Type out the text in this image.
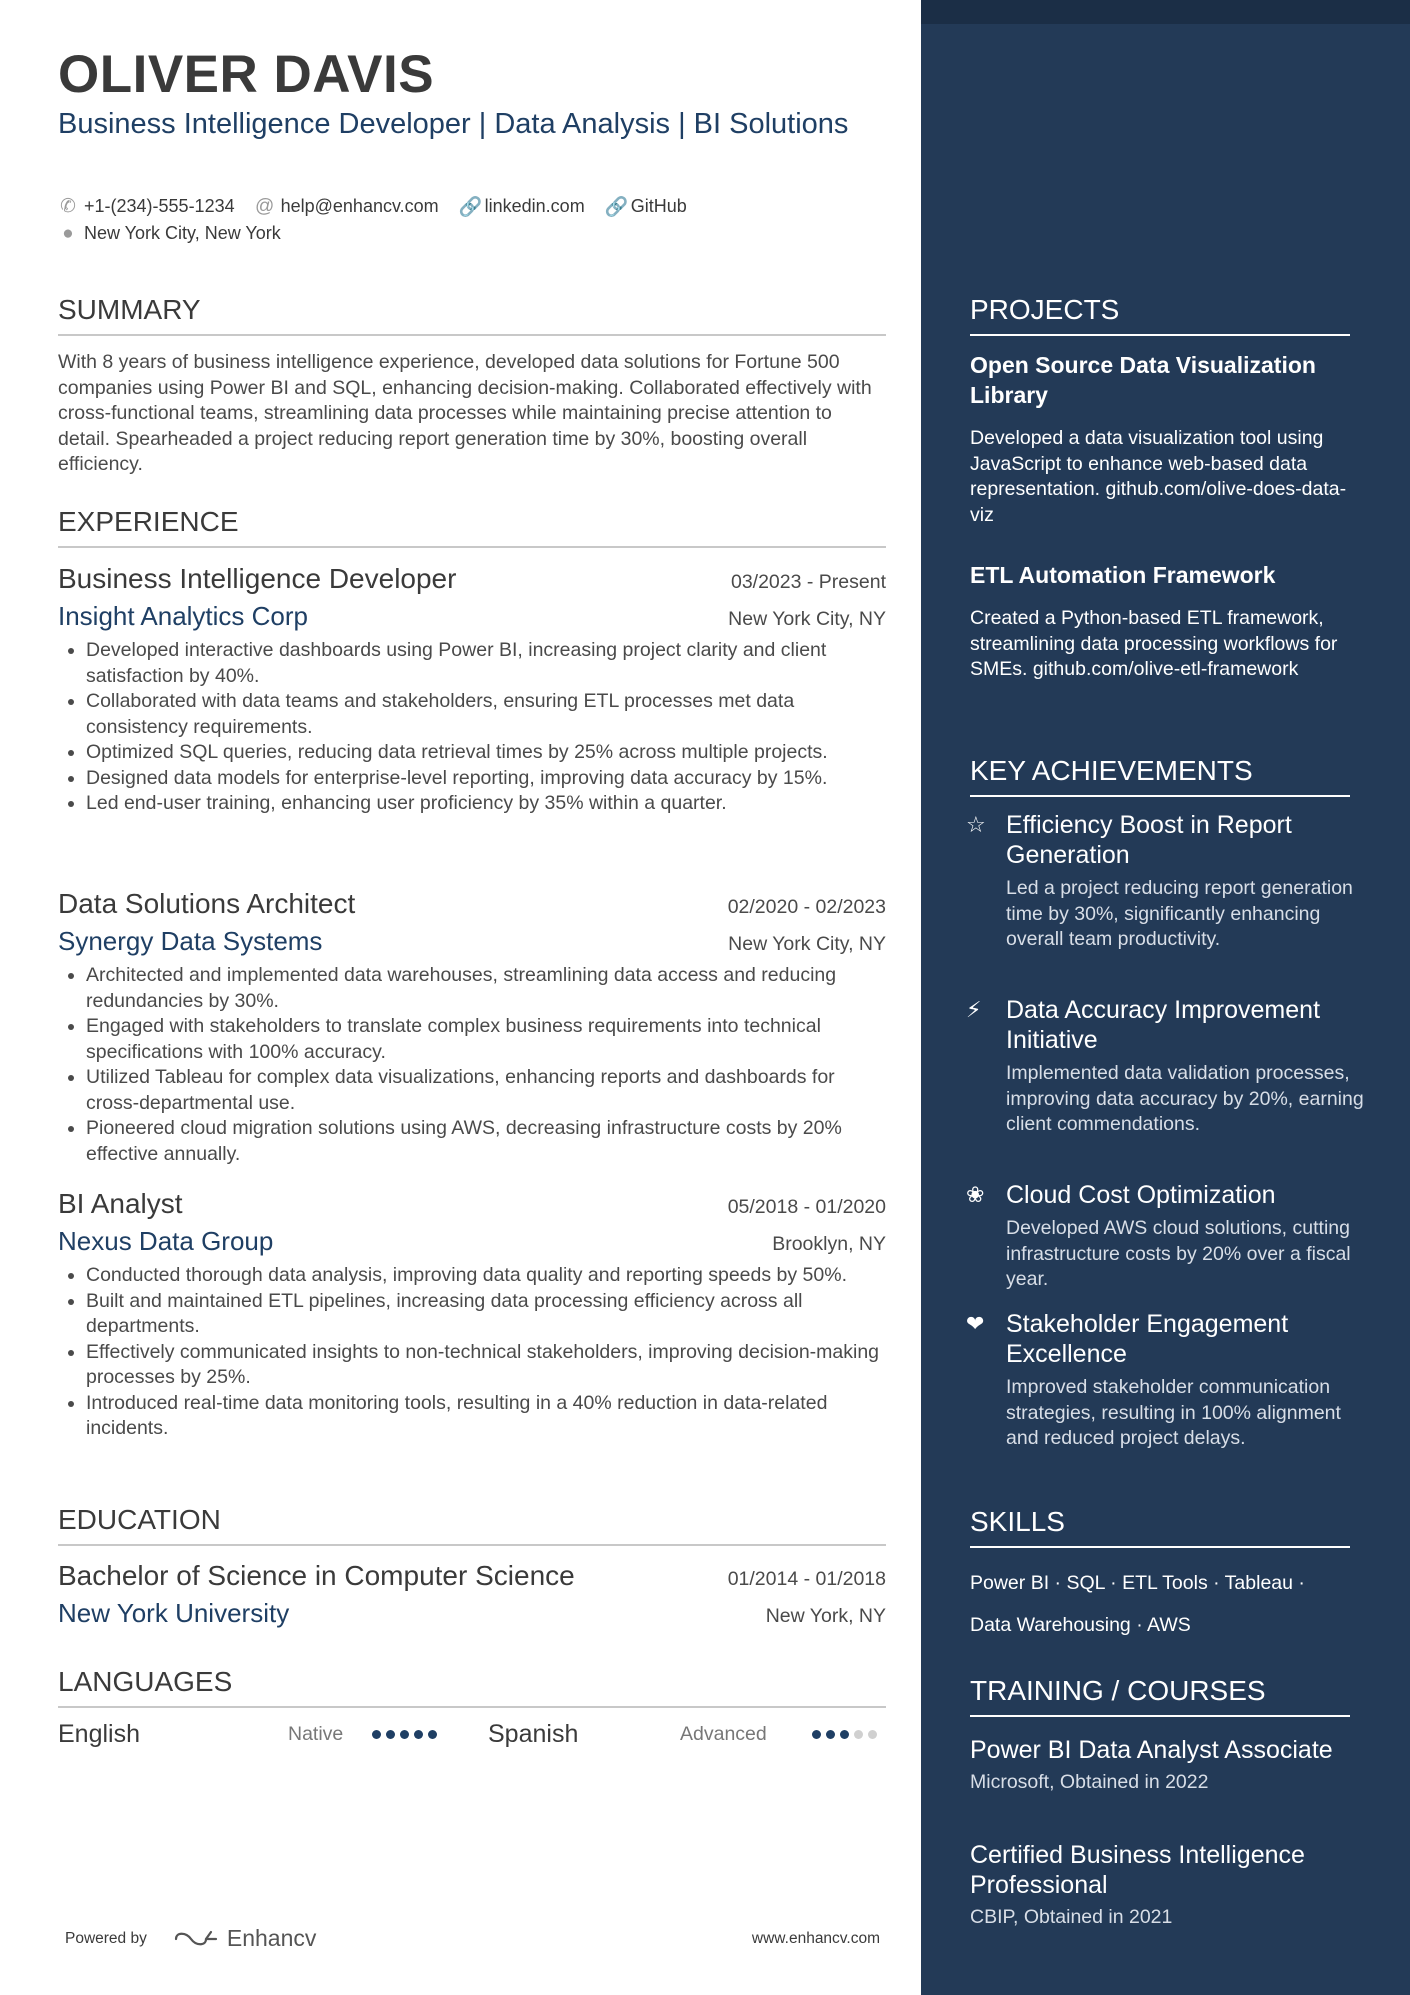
OLIVER DAVIS
Business Intelligence Developer | Data Analysis | BI Solutions
✆ +1-(234)-555-1234 @ help@enhancv.com 🔗 linkedin.com 🔗 GitHub
● New York City, New York
SUMMARY
With 8 years of business intelligence experience, developed data solutions for Fortune 500 companies using Power BI and SQL, enhancing decision-making. Collaborated effectively with cross-functional teams, streamlining data processes while maintaining precise attention to detail. Spearheaded a project reducing report generation time by 30%, boosting overall efficiency.
EXPERIENCE
Business Intelligence Developer	03/2023 - Present
Insight Analytics Corp	New York City, NY
• Developed interactive dashboards using Power BI, increasing project clarity and client satisfaction by 40%.
• Collaborated with data teams and stakeholders, ensuring ETL processes met data consistency requirements.
• Optimized SQL queries, reducing data retrieval times by 25% across multiple projects.
• Designed data models for enterprise-level reporting, improving data accuracy by 15%.
• Led end-user training, enhancing user proficiency by 35% within a quarter.
Data Solutions Architect	02/2020 - 02/2023
Synergy Data Systems	New York City, NY
• Architected and implemented data warehouses, streamlining data access and reducing redundancies by 30%.
• Engaged with stakeholders to translate complex business requirements into technical specifications with 100% accuracy.
• Utilized Tableau for complex data visualizations, enhancing reports and dashboards for cross-departmental use.
• Pioneered cloud migration solutions using AWS, decreasing infrastructure costs by 20% effective annually.
BI Analyst	05/2018 - 01/2020
Nexus Data Group	Brooklyn, NY
• Conducted thorough data analysis, improving data quality and reporting speeds by 50%.
• Built and maintained ETL pipelines, increasing data processing efficiency across all departments.
• Effectively communicated insights to non-technical stakeholders, improving decision-making processes by 25%.
• Introduced real-time data monitoring tools, resulting in a 40% reduction in data-related incidents.
EDUCATION
Bachelor of Science in Computer Science	01/2014 - 01/2018
New York University	New York, NY
LANGUAGES
English	Native	Spanish	Advanced
Powered by	Enhancv	www.enhancv.com
PROJECTS
Open Source Data Visualization Library
Developed a data visualization tool using JavaScript to enhance web-based data representation. github.com/olive-does-data-viz
ETL Automation Framework
Created a Python-based ETL framework, streamlining data processing workflows for SMEs. github.com/olive-etl-framework
KEY ACHIEVEMENTS
☆ Efficiency Boost in Report Generation
Led a project reducing report generation time by 30%, significantly enhancing overall team productivity.
⚡ Data Accuracy Improvement Initiative
Implemented data validation processes, improving data accuracy by 20%, earning client commendations.
❀ Cloud Cost Optimization
Developed AWS cloud solutions, cutting infrastructure costs by 20% over a fiscal year.
❤ Stakeholder Engagement Excellence
Improved stakeholder communication strategies, resulting in 100% alignment and reduced project delays.
SKILLS
Power BI · SQL · ETL Tools · Tableau ·
Data Warehousing · AWS
TRAINING / COURSES
Power BI Data Analyst Associate
Microsoft, Obtained in 2022
Certified Business Intelligence Professional
CBIP, Obtained in 2021
